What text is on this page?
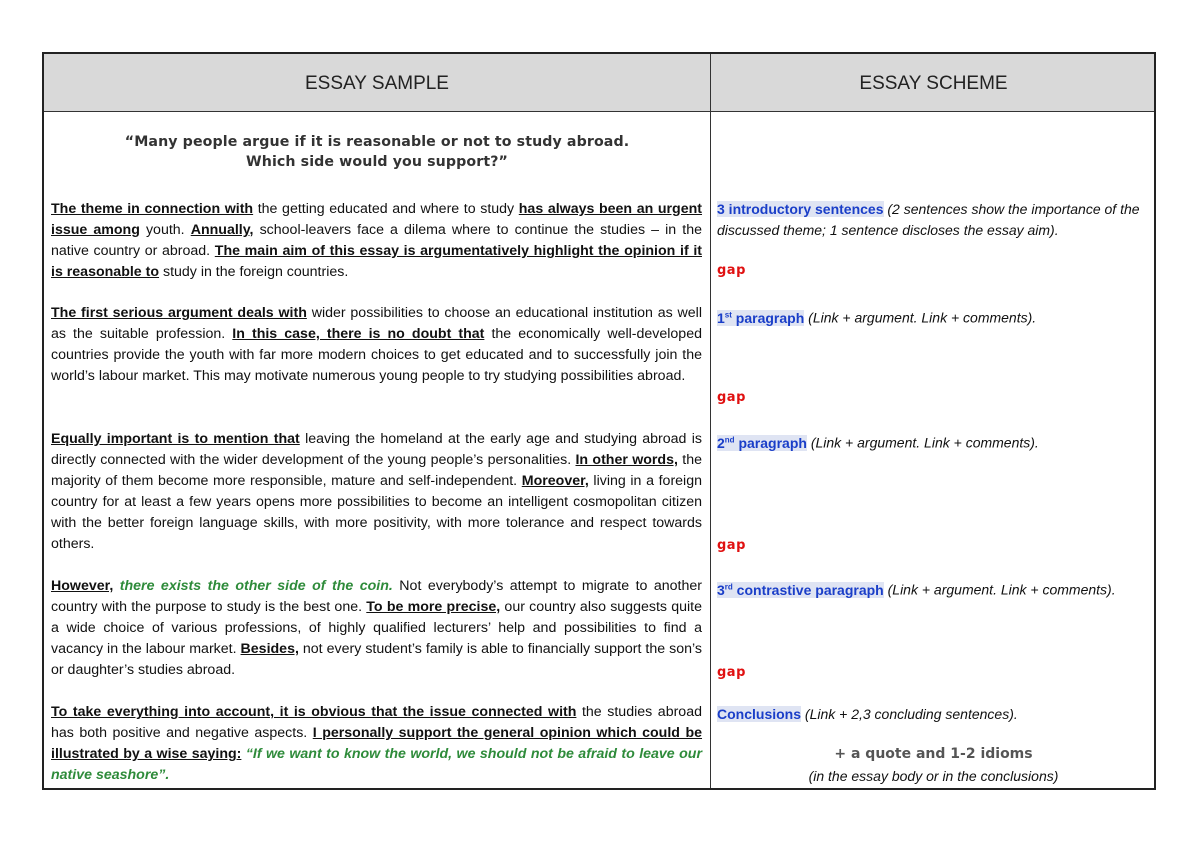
ESSAY SAMPLE	ESSAY SCHEME
“Many people argue if it is reasonable or not to study abroad.
Which side would you support?”
The theme in connection with the getting educated and where to study has always been an urgent issue among youth. Annually, school-leavers face a dilema where to continue the studies – in the native country or abroad. The main aim of this essay is argumentatively highlight the opinion if it is reasonable to study in the foreign countries.
The first serious argument deals with wider possibilities to choose an educational institution as well as the suitable profession. In this case, there is no doubt that the economically well-developed countries provide the youth with far more modern choices to get educated and to successfully join the world’s labour market. This may motivate numerous young people to try studying possibilities abroad.
Equally important is to mention that leaving the homeland at the early age and studying abroad is directly connected with the wider development of the young people’s personalities. In other words, the majority of them become more responsible, mature and self-independent. Moreover, living in a foreign country for at least a few years opens more possibilities to become an intelligent cosmopolitan citizen with the better foreign language skills, with more positivity, with more tolerance and respect towards others.
However, there exists the other side of the coin. Not everybody’s attempt to migrate to another country with the purpose to study is the best one. To be more precise, our country also suggests quite a wide choice of various professions, of highly qualified lecturers’ help and possibilities to find a vacancy in the labour market. Besides, not every student’s family is able to financially support the son’s or daughter’s studies abroad.
To take everything into account, it is obvious that the issue connected with the studies abroad has both positive and negative aspects. I personally support the general opinion which could be illustrated by a wise saying: “If we want to know the world, we should not be afraid to leave our native seashore”.
3 introductory sentences (2 sentences show the importance of the discussed theme; 1 sentence discloses the essay aim).
gap
1st paragraph (Link + argument. Link + comments).
gap
2nd paragraph (Link + argument. Link + comments).
gap
3rd contrastive paragraph (Link + argument. Link + comments).
gap
Conclusions (Link + 2,3 concluding sentences).
+ a quote and 1-2 idioms
(in the essay body or in the conclusions)
